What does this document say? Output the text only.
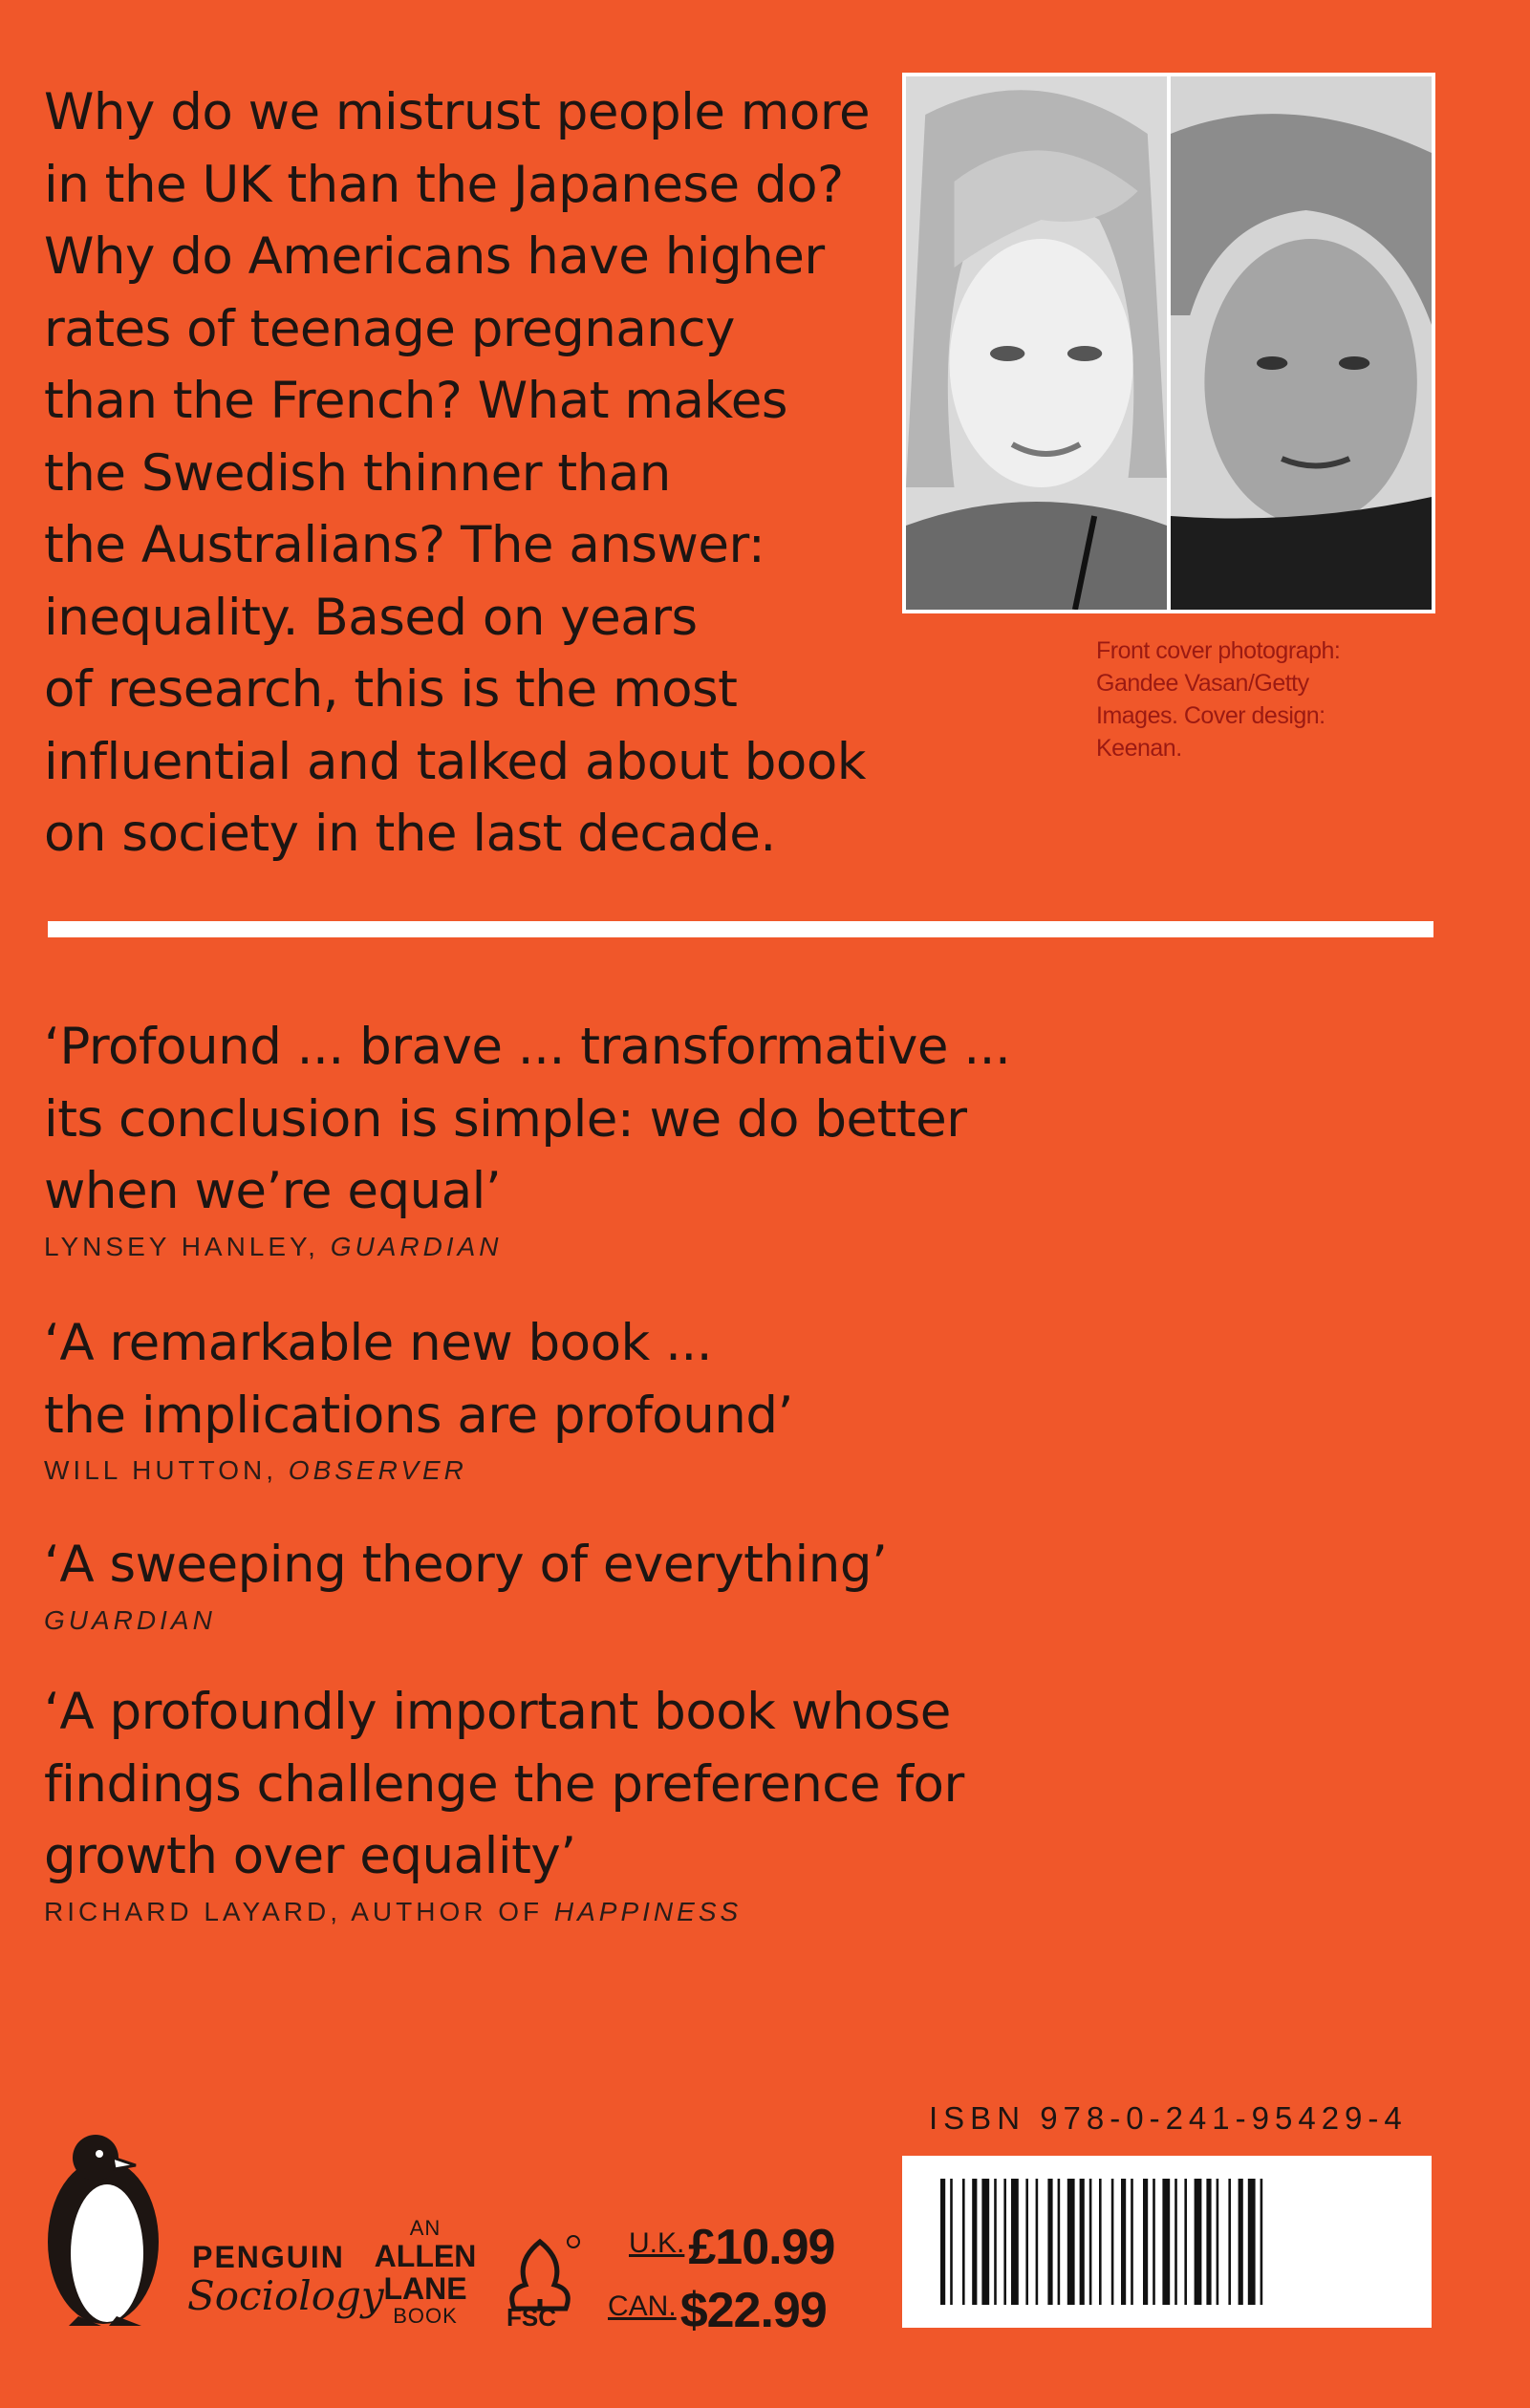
Why do we mistrust people more
in the UK than the Japanese do?
Why do Americans have higher
rates of teenage pregnancy
than the French? What makes
the Swedish thinner than
the Australians? The answer:
inequality. Based on years
of research, this is the most
influential and talked about book
on society in the last decade.
Front cover photograph:
Gandee Vasan/Getty
Images. Cover design:
Keenan.
‘Profound ... brave ... transformative ...
its conclusion is simple: we do better
when we’re equal’
LYNSEY HANLEY, GUARDIAN
‘A remarkable new book ...
the implications are profound’
WILL HUTTON, OBSERVER
‘A sweeping theory of everything’
GUARDIAN
‘A profoundly important book whose
findings challenge the preference for
growth over equality’
RICHARD LAYARD, AUTHOR OF HAPPINESS
ISBN 978-0-241-95429-4
PENGUIN
Sociology
AN
ALLEN
LANE
BOOK	FSC
U.K.£10.99
CAN.$22.99
